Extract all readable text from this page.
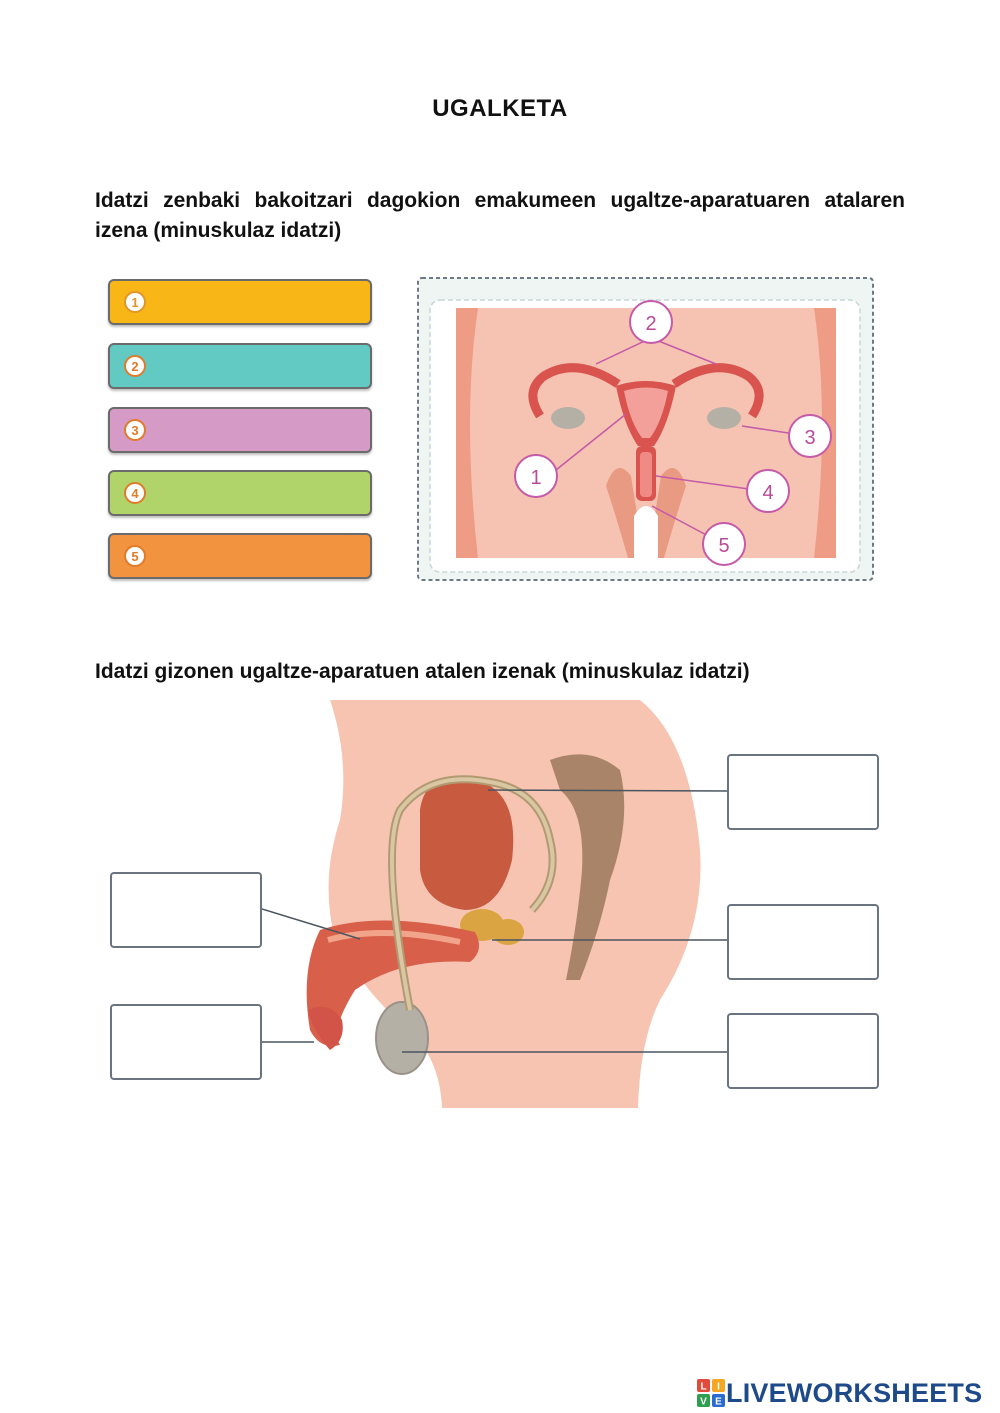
UGALKETA
Idatzi zenbaki bakoitzari dagokion emakumeen ugaltze-aparatuaren atalaren izena (minuskulaz idatzi)
1
2
3
4
5
2
1
3
4
5
Idatzi gizonen ugaltze-aparatuen atalen izenak (minuskulaz idatzi)
L I
V E LIVEWORKSHEETS
